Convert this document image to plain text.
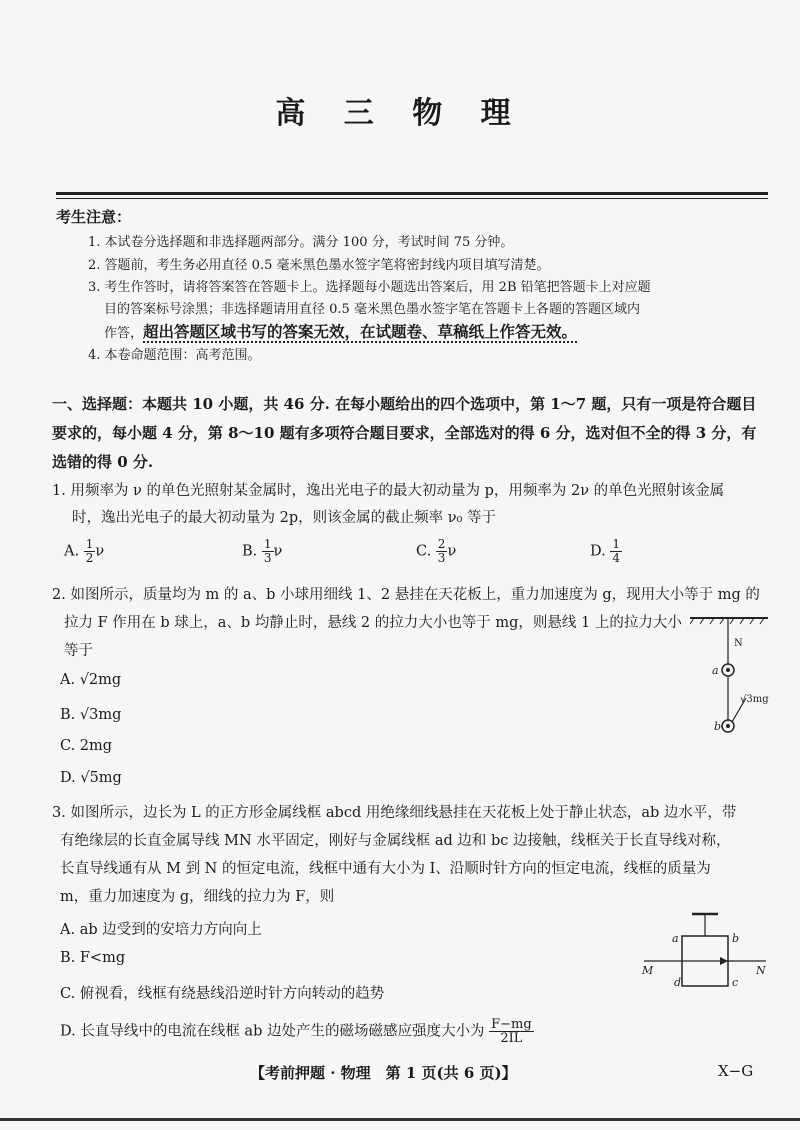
高 三 物 理
考生注意：
1. 本试卷分选择题和非选择题两部分。满分 100 分，考试时间 75 分钟。
2. 答题前，考生务必用直径 0.5 毫米黑色墨水签字笔将密封线内项目填写清楚。
3. 考生作答时，请将答案答在答题卡上。选择题每小题选出答案后，用 2B 铅笔把答题卡上对应题
目的答案标号涂黑；非选择题请用直径 0.5 毫米黑色墨水签字笔在答题卡上各题的答题区域内
作答，超出答题区域书写的答案无效，在试题卷、草稿纸上作答无效。
4. 本卷命题范围：高考范围。
一、选择题：本题共 10 小题，共 46 分. 在每小题给出的四个选项中，第 1～7 题，只有一项是符合题目要求的，每小题 4 分，第 8～10 题有多项符合题目要求，全部选对的得 6 分，选对但不全的得 3 分，有选错的得 0 分.
1. 用频率为 ν 的单色光照射某金属时，逸出光电子的最大初动量为 p，用频率为 2ν 的单色光照射该金属
时，逸出光电子的最大初动量为 2p，则该金属的截止频率 ν₀ 等于
A. $\frac{1}{2}\nu$	B. $\frac{1}{3}\nu$	C. $\frac{2}{3}\nu$	D. $\frac{1}{4}$
2. 如图所示，质量均为 m 的 a、b 小球用细线 1、2 悬挂在天花板上，重力加速度为 g，现用大小等于 mg 的
拉力 F 作用在 b 球上，a、b 均静止时，悬线 2 的拉力大小也等于 mg，则悬线 1 上的拉力大小
等于
A. √2mg
B. √3mg
C. 2mg
D. √5mg
N
a
b
√3mg
3. 如图所示，边长为 L 的正方形金属线框 abcd 用绝缘细线悬挂在天花板上处于静止状态，ab 边水平，带
有绝缘层的长直金属导线 MN 水平固定，刚好与金属线框 ad 边和 bc 边接触，线框关于长直导线对称，
长直导线通有从 M 到 N 的恒定电流，线框中通有大小为 I、沿顺时针方向的恒定电流，线框的质量为
m，重力加速度为 g，细线的拉力为 F，则
A. ab 边受到的安培力方向向上
B. F<mg
C. 俯视看，线框有绕悬线沿逆时针方向转动的趋势
D. 长直导线中的电流在线框 ab 边处产生的磁场磁感应强度大小为 $\frac{F-mg}{2IL}$
a	b
c
d
M	N
【考前押题 · 物理　第 1 页(共 6 页)】	X−G
